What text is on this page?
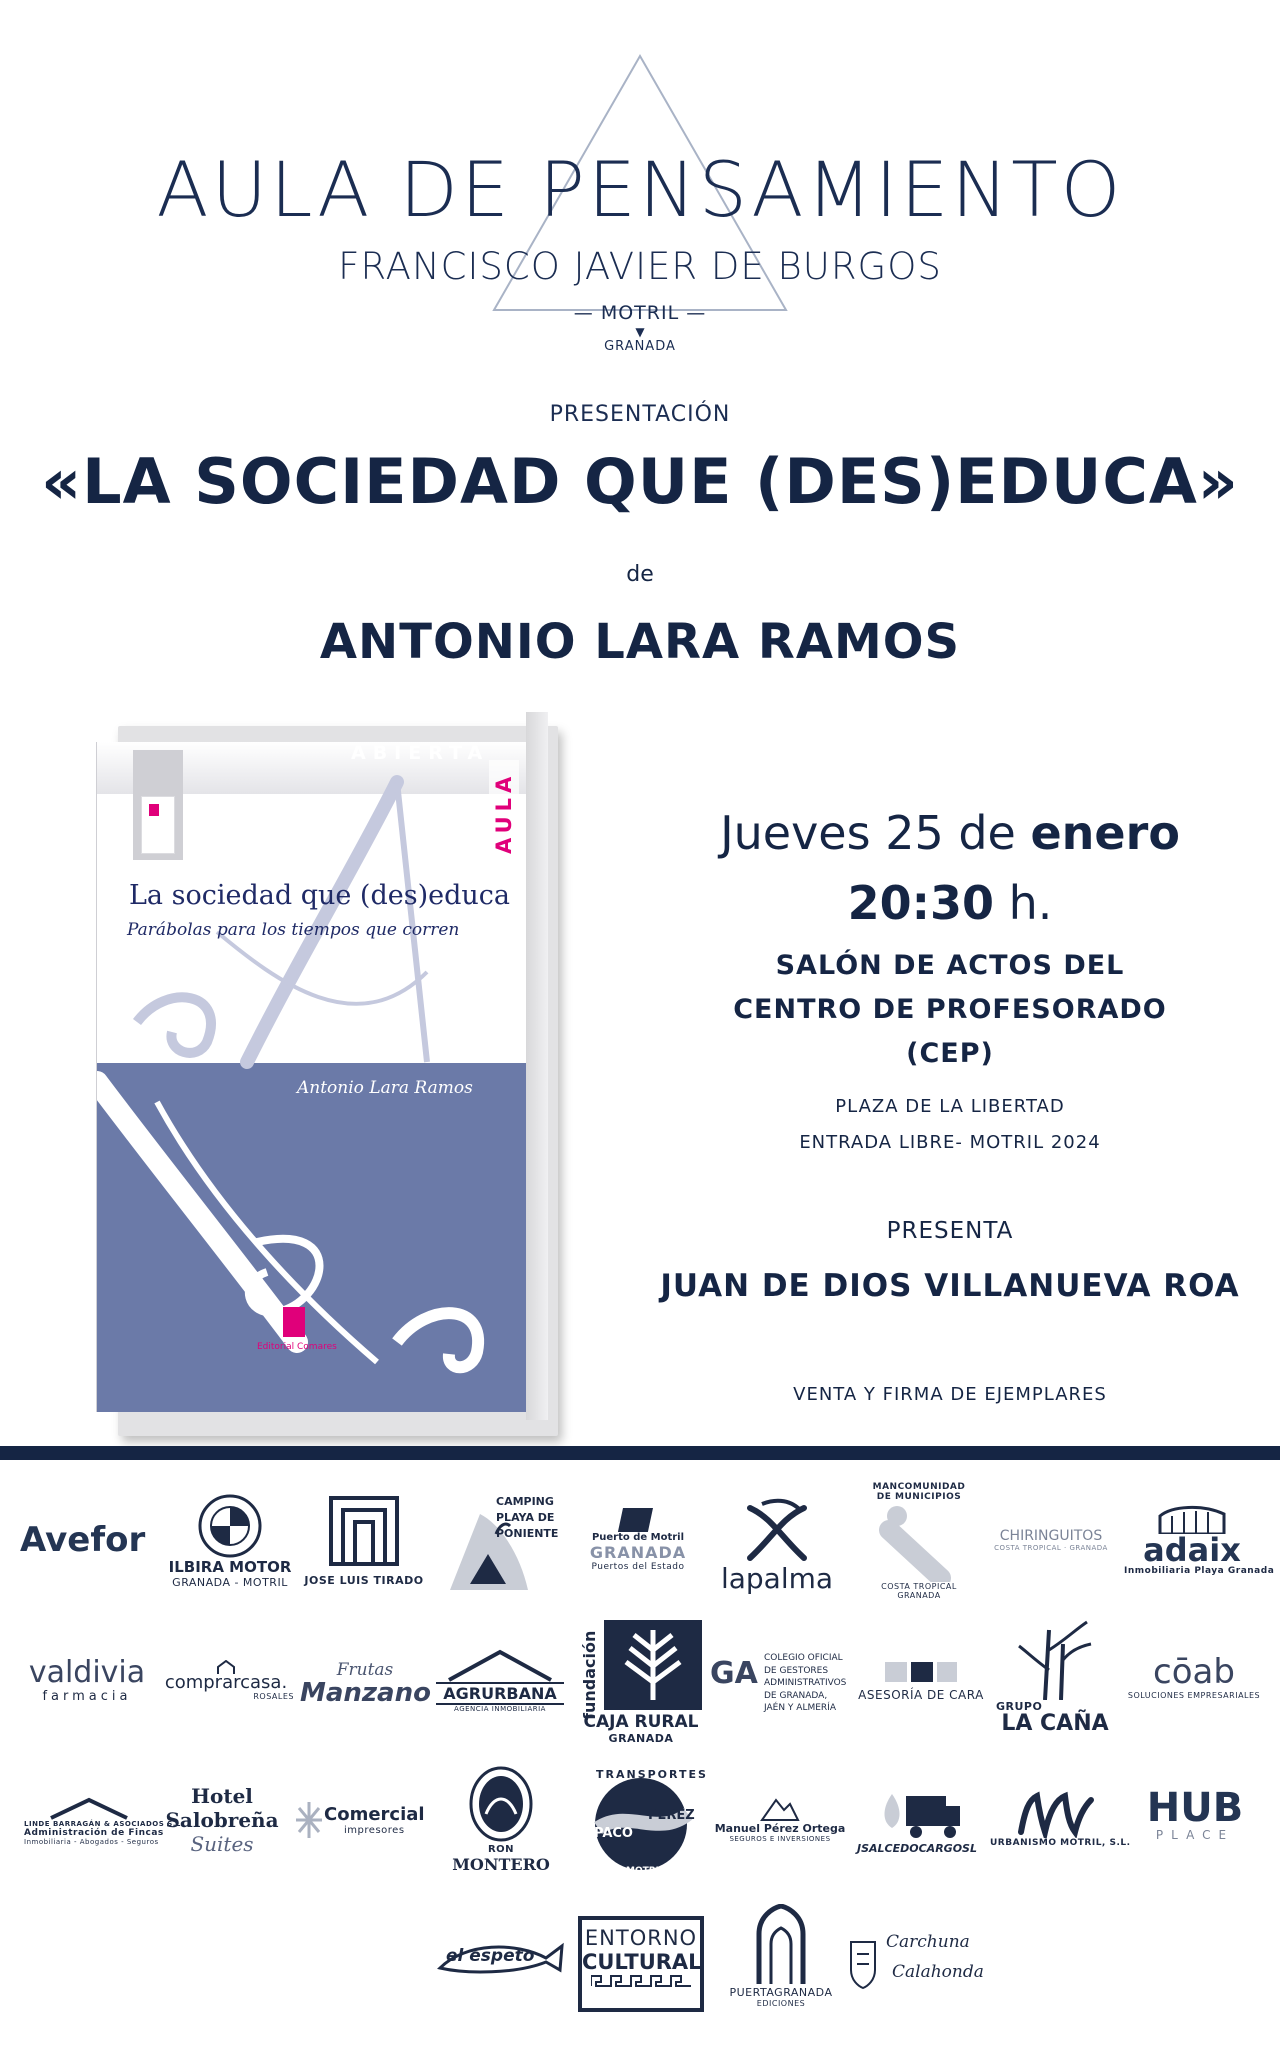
AULA DE PENSAMIENTO
FRANCISCO JAVIER DE BURGOS
— MOTRIL —
▼
GRANADA
PRESENTACIÓN
«LA SOCIEDAD QUE (DES)EDUCA»
de
ANTONIO LARA RAMOS
ABIERTA
AULA
La sociedad que (des)educa
Parábolas para los tiempos que corren
Antonio Lara Ramos
Editorial Comares
Jueves 25 de enero
20:30 h.
SALÓN DE ACTOS DEL
CENTRO DE PROFESORADO
(CEP)
PLAZA DE LA LIBERTAD
ENTRADA LIBRE- MOTRIL 2024
PRESENTA
JUAN DE DIOS VILLANUEVA ROA
VENTA Y FIRMA DE EJEMPLARES
Avefor
ILBIRA MOTOR
GRANADA - MOTRIL	JOSE LUIS TIRADO
CAMPING
PLAYA DE
PONIENTE	Puerto de Motril
GRANADA
Puertos del Estado	lapalma
MANCOMUNIDAD
DE MUNICIPIOS
COSTA TROPICAL
GRANADA
CHIRINGUITOS
COSTA TROPICAL · GRANADA	adaix
Inmobiliaria Playa Granada
valdivia
farmacia
comprarcasa.
ROSALES
Frutas
Manzano AGRURBANA
AGENCIA INMOBILIARIA	fundación
CAJA RURAL
GRANADA
GA COLEGIO OFICIAL
DE GESTORES
ADMINISTRATIVOS
DE GRANADA,
JAÉN Y ALMERÍA
ASESORÍA DE CARA
GRUPO
LA CAÑA
cōab
SOLUCIONES EMPRESARIALES
LINDE BARRAGÁN & ASOCIADOS S.L.
Administración de Fincas
Inmobiliaria - Abogados - Seguros
Hotel
Salobreña
Suites
Comercial
impresores
RON
MONTERO
TRANSPORTES
PACO
PEREZ
MOTRIL
Manuel Pérez Ortega
SEGUROS E INVERSIONES
JSALCEDOCARGOSL	URBANISMO MOTRIL, S.L.
HUB
PLACE
el espeto
ENTORNO
CULTURAL
PUERTAGRANADA
EDICIONES
Carchuna
Calahonda
